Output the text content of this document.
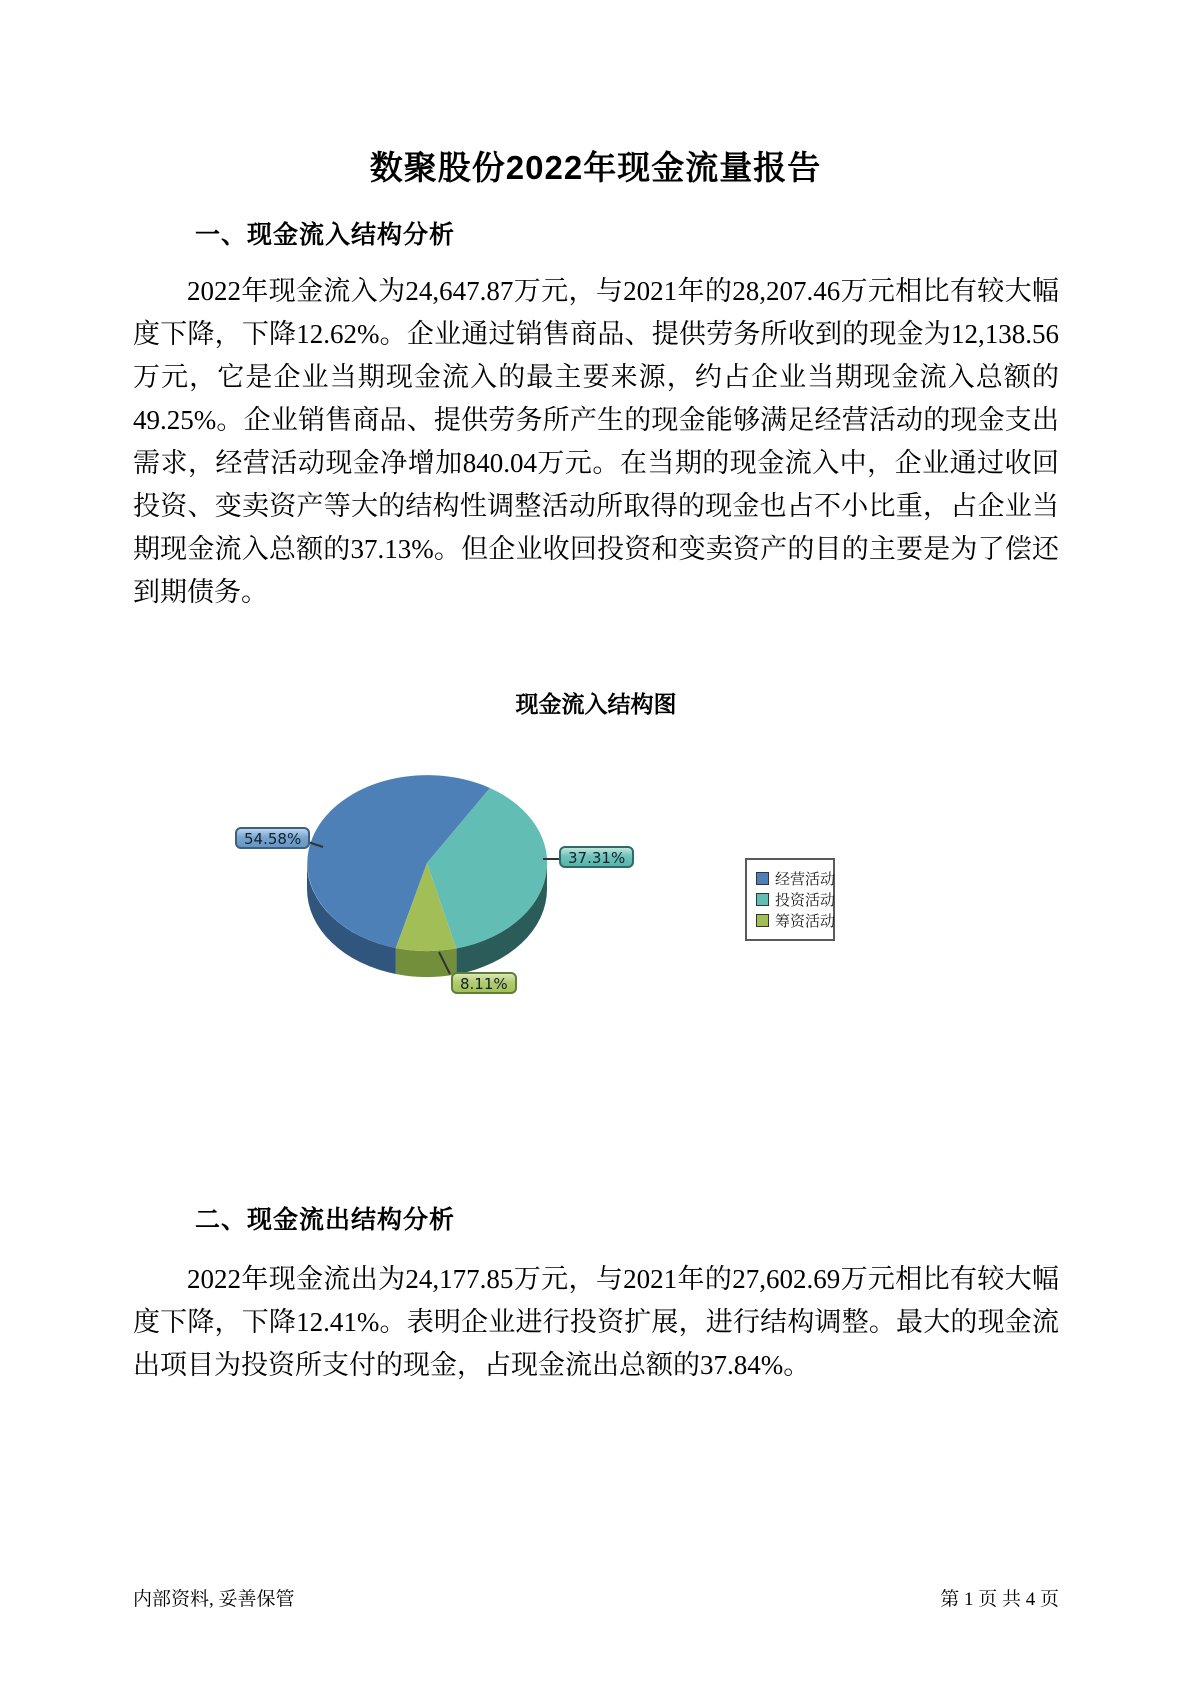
数聚股份2022年现金流量报告
一、现金流入结构分析
2022年现金流入为24,647.87万元，与2021年的28,207.46万元相比有较大幅度下降，下降12.62%。企业通过销售商品、提供劳务所收到的现金为12,138.56万元，它是企业当期现金流入的最主要来源，约占企业当期现金流入总额的49.25%。企业销售商品、提供劳务所产生的现金能够满足经营活动的现金支出需求，经营活动现金净增加840.04万元。在当期的现金流入中，企业通过收回投资、变卖资产等大的结构性调整活动所取得的现金也占不小比重，占企业当期现金流入总额的37.13%。但企业收回投资和变卖资产的目的主要是为了偿还到期债务。
现金流入结构图
54.58%
37.31%
8.11%
经营活动
投资活动
筹资活动
二、现金流出结构分析
2022年现金流出为24,177.85万元，与2021年的27,602.69万元相比有较大幅度下降，下降12.41%。表明企业进行投资扩展，进行结构调整。最大的现金流出项目为投资所支付的现金，占现金流出总额的37.84%。
内部资料, 妥善保管	第 1 页 共 4 页
